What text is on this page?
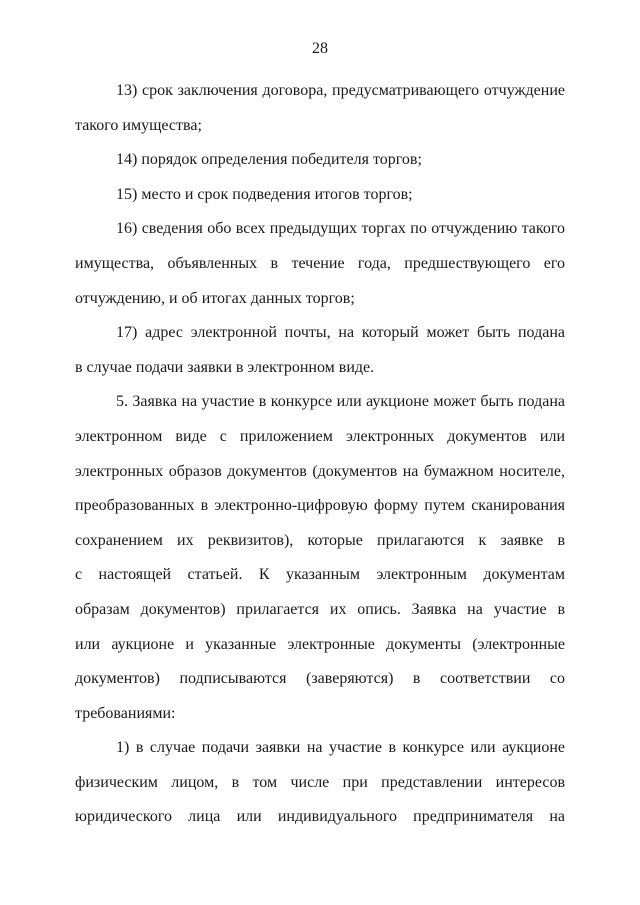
28
13) срок заключения договора, предусматривающего отчуждение
такого имущества;
14) порядок определения победителя торгов;
15) место и срок подведения итогов торгов;
16) сведения обо всех предыдущих торгах по отчуждению такого
имущества, объявленных в течение года, предшествующего его
отчуждению, и об итогах данных торгов;
17) адрес электронной почты, на который может быть подана
в случае подачи заявки в электронном виде.
5. Заявка на участие в конкурсе или аукционе может быть подана
электронном виде с приложением электронных документов или
электронных образов документов (документов на бумажном носителе,
преобразованных в электронно-цифровую форму путем сканирования
сохранением их реквизитов), которые прилагаются к заявке в
с настоящей статьей. К указанным электронным документам
образам документов) прилагается их опись. Заявка на участие в
или аукционе и указанные электронные документы (электронные
документов) подписываются (заверяются) в соответствии со
требованиями:
1) в случае подачи заявки на участие в конкурсе или аукционе
физическим лицом, в том числе при представлении интересов
юридического лица или индивидуального предпринимателя на
